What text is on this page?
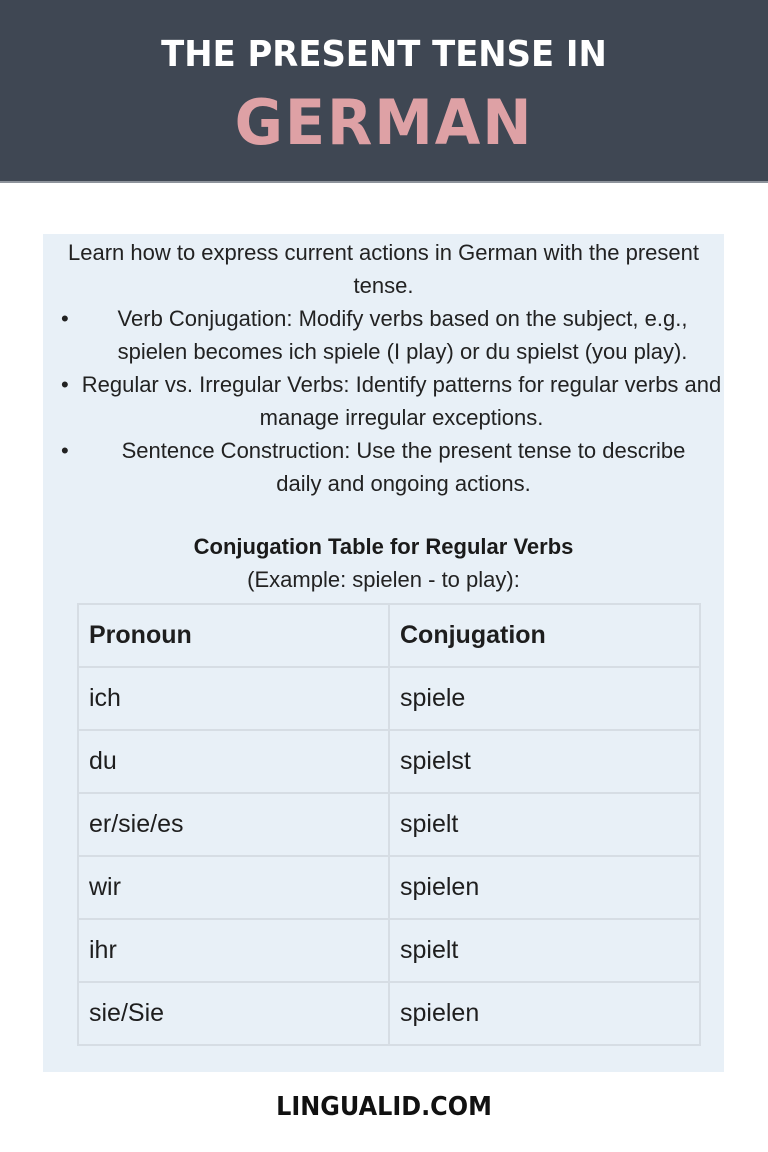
THE PRESENT TENSE IN
GERMAN
Learn how to express current actions in German with the present tense.
• Verb Conjugation: Modify verbs based on the subject, e.g., spielen becomes ich spiele (I play) or du spielst (you play).
• Regular vs. Irregular Verbs: Identify patterns for regular verbs and manage irregular exceptions.
• Sentence Construction: Use the present tense to describe daily and ongoing actions.
Conjugation Table for Regular Verbs
(Example: spielen - to play):
Pronoun	Conjugation
ich	spiele
du	spielst
er/sie/es	spielt
wir	spielen
ihr	spielt
sie/Sie	spielen
LINGUALID.COM
